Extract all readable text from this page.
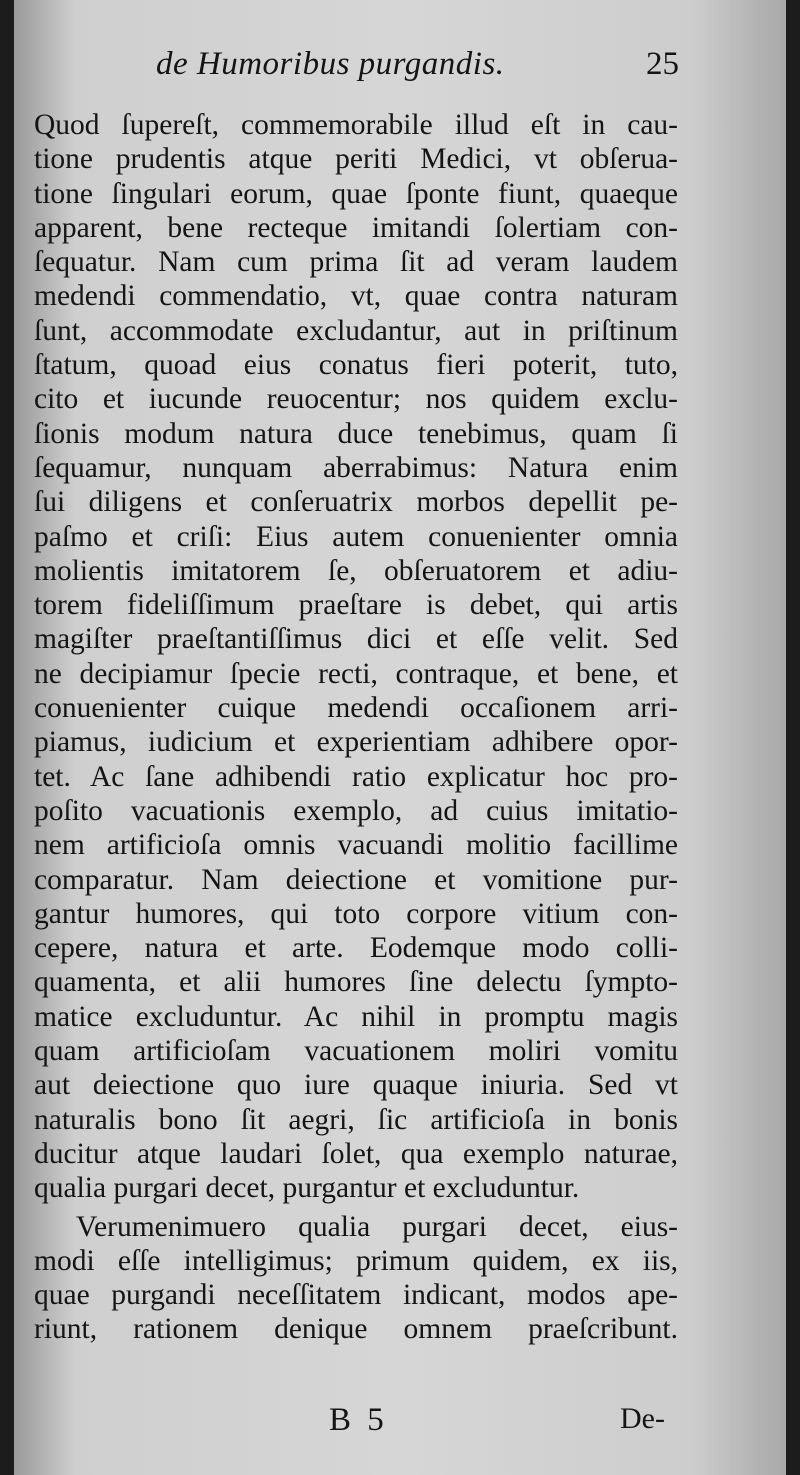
de Humoribus purgandis.	25
Quod ſupereſt, commemorabile illud eſt in cau-
tione prudentis atque periti Medici, vt obſerua-
tione ſingulari eorum, quae ſponte fiunt, quaeque
apparent, bene recteque imitandi ſolertiam con-
ſequatur. Nam cum prima ſit ad veram laudem
medendi commendatio, vt, quae contra naturam
ſunt, accommodate excludantur, aut in priſtinum
ſtatum, quoad eius conatus fieri poterit, tuto,
cito et iucunde reuocentur; nos quidem exclu-
ſionis modum natura duce tenebimus, quam ſi
ſequamur, nunquam aberrabimus: Natura enim
ſui diligens et conſeruatrix morbos depellit pe-
paſmo et criſi: Eius autem conuenienter omnia
molientis imitatorem ſe, obſeruatorem et adiu-
torem fideliſſimum praeſtare is debet, qui artis
magiſter praeſtantiſſimus dici et eſſe velit. Sed
ne decipiamur ſpecie recti, contraque, et bene, et
conuenienter cuique medendi occaſionem arri-
piamus, iudicium et experientiam adhibere opor-
tet. Ac ſane adhibendi ratio explicatur hoc pro-
poſito vacuationis exemplo, ad cuius imitatio-
nem artificioſa omnis vacuandi molitio facillime
comparatur. Nam deiectione et vomitione pur-
gantur humores, qui toto corpore vitium con-
cepere, natura et arte. Eodemque modo colli-
quamenta, et alii humores ſine delectu ſympto-
matice excluduntur. Ac nihil in promptu magis
quam artificioſam vacuationem moliri vomitu
aut deiectione quo iure quaque iniuria. Sed vt
naturalis bono ſit aegri, ſic artificioſa in bonis
ducitur atque laudari ſolet, qua exemplo naturae,
qualia purgari decet, purgantur et excluduntur.
Verumenimuero qualia purgari decet, eius-
modi eſſe intelligimus; primum quidem, ex iis,
quae purgandi neceſſitatem indicant, modos ape-
riunt, rationem denique omnem praeſcribunt.
B 5	De-
